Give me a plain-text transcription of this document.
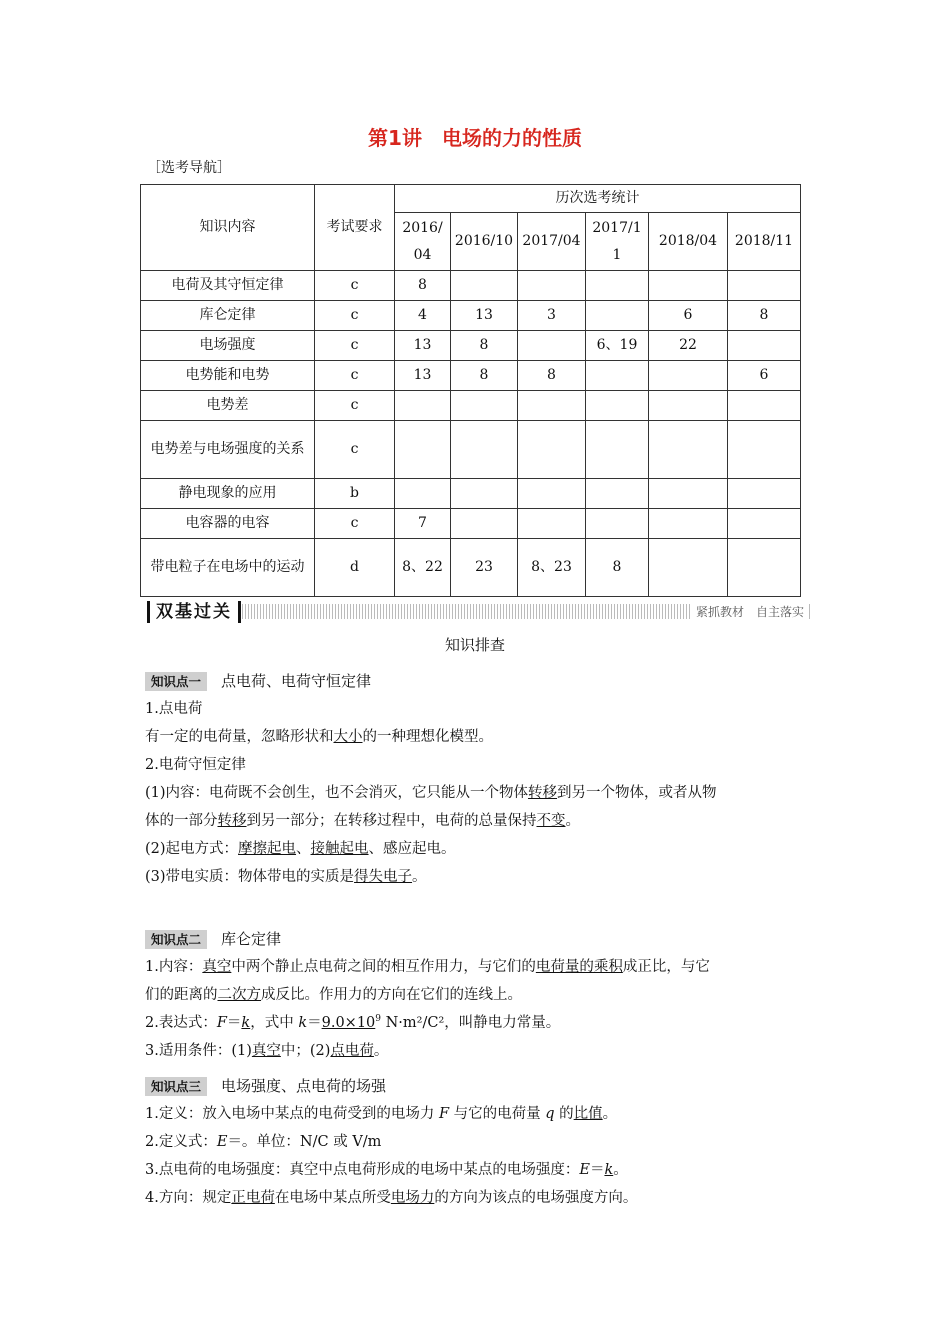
第1讲　电场的力的性质
［选考导航］
知识内容	考试要求	历次选考统计					
		2016/04	2016/10	2017/04	2017/11	2018/04	2018/11
电荷及其守恒定律	c	8					
库仑定律	c	4	13	3		6	8
电场强度	c	13	8		6、19	22	
电势能和电势	c	13	8	8			6
电势差	c						
电势差与电场强度的关系	c						
静电现象的应用	b						
电容器的电容	c	7					
带电粒子在电场中的运动	d	8、22	23	8、23	8		
双基过关	紧抓教材　自主落实
知识排查
知识点一 点电荷、电荷守恒定律
1.点电荷
有一定的电荷量，忽略形状和大小的一种理想化模型。
2.电荷守恒定律
(1)内容：电荷既不会创生，也不会消灭，它只能从一个物体转移到另一个物体，或者从物
体的一部分转移到另一部分；在转移过程中，电荷的总量保持不变。
(2)起电方式：摩擦起电、接触起电、感应起电。
(3)带电实质：物体带电的实质是得失电子。
知识点二 库仑定律
1.内容：真空中两个静止点电荷之间的相互作用力，与它们的电荷量的乘积成正比，与它
们的距离的二次方成反比。作用力的方向在它们的连线上。
2.表达式：F＝k，式中 $k=9.0\times 10^9$ N·m²/C²，叫静电力常量。
3.适用条件：(1)真空中；(2)点电荷。
知识点三 电场强度、点电荷的场强
1.定义：放入电场中某点的电荷受到的电场力 F 与它的电荷量 q 的比值。
2.定义式：E＝。单位：N/C 或 V/m
3.点电荷的电场强度：真空中点电荷形成的电场中某点的电场强度：E＝k。
4.方向：规定正电荷在电场中某点所受电场力的方向为该点的电场强度方向。
